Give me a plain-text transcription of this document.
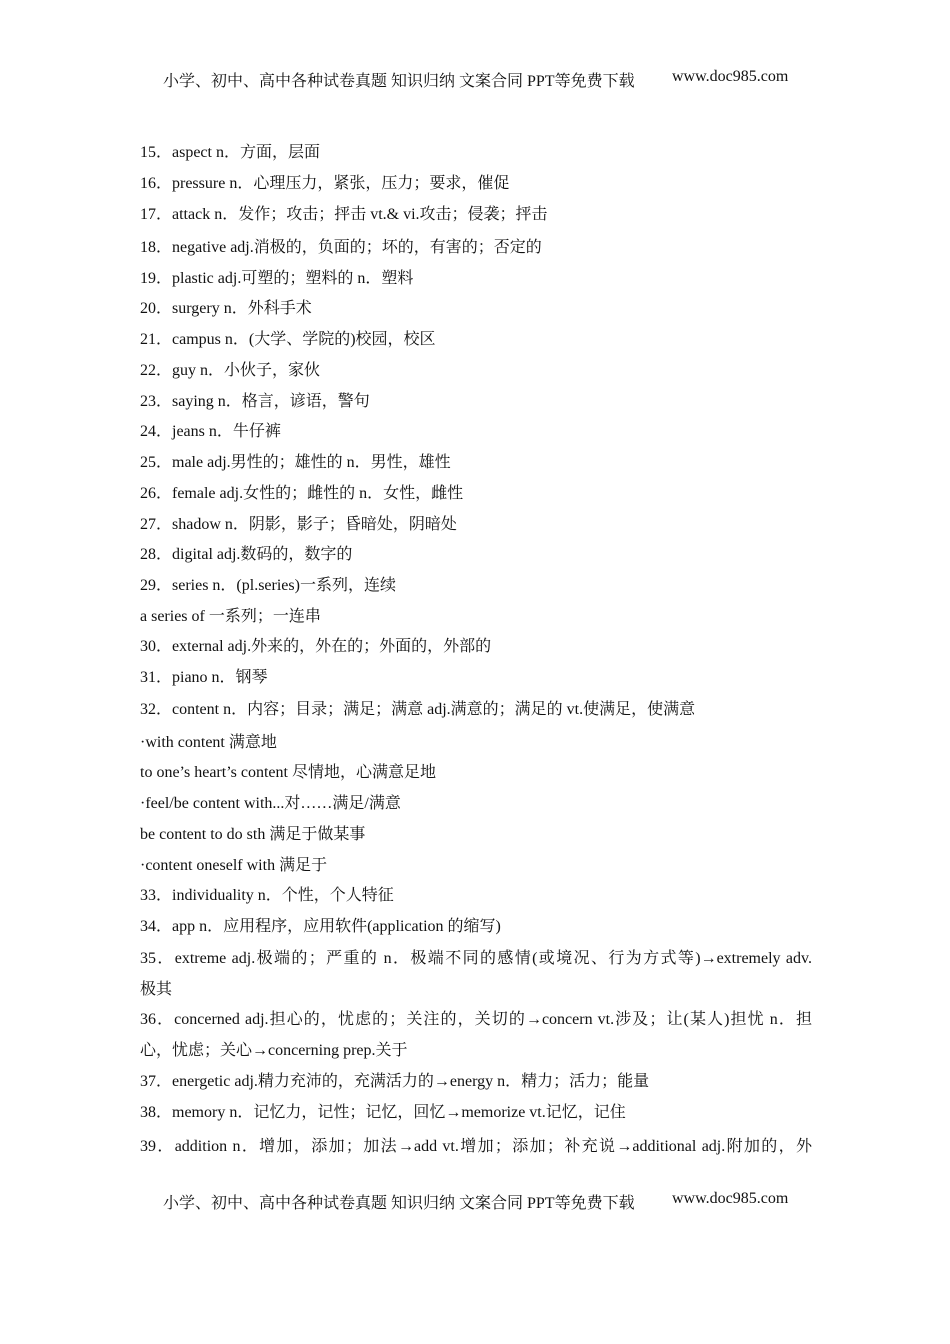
小学、初中、高中各种试卷真题 知识归纳 文案合同 PPT等免费下载 www.doc985.com
15．aspect n．方面，层面
16．pressure n．心理压力，紧张，压力；要求，催促
17．attack n．发作；攻击；抨击 vt.& vi.攻击；侵袭；抨击
18．negative adj.消极的，负面的；坏的，有害的；否定的
19．plastic adj.可塑的；塑料的 n．塑料
20．surgery n．外科手术
21．campus n．(大学、学院的)校园，校区
22．guy n．小伙子，家伙
23．saying n．格言，谚语，警句
24．jeans n．牛仔裤
25．male adj.男性的；雄性的 n．男性，雄性
26．female adj.女性的；雌性的 n．女性，雌性
27．shadow n．阴影，影子；昏暗处，阴暗处
28．digital adj.数码的，数字的
29．series n．(pl.series)一系列，连续
a series of 一系列；一连串
30．external adj.外来的，外在的；外面的，外部的
31．piano n．钢琴
32．content n．内容；目录；满足；满意 adj.满意的；满足的 vt.使满足，使满意
·with content 满意地
to one’s heart’s content 尽情地，心满意足地
·feel/be content with...对……满足/满意
be content to do sth 满足于做某事
·content oneself with 满足于
33．individuality n．个性，个人特征
34．app n．应用程序，应用软件(application 的缩写)
35．extreme adj.极端的；严重的 n．极端不同的感情(或境况、行为方式等)→extremely adv.
极其
36．concerned adj.担心的，忧虑的；关注的，关切的→concern vt.涉及；让(某人)担忧 n．担
心，忧虑；关心→concerning prep.关于
37．energetic adj.精力充沛的，充满活力的→energy n．精力；活力；能量
38．memory n．记忆力，记性；记忆，回忆→memorize vt.记忆，记住
39．addition n．增加，添加；加法→add vt.增加；添加；补充说→additional adj.附加的，外
小学、初中、高中各种试卷真题 知识归纳 文案合同 PPT等免费下载 www.doc985.com
